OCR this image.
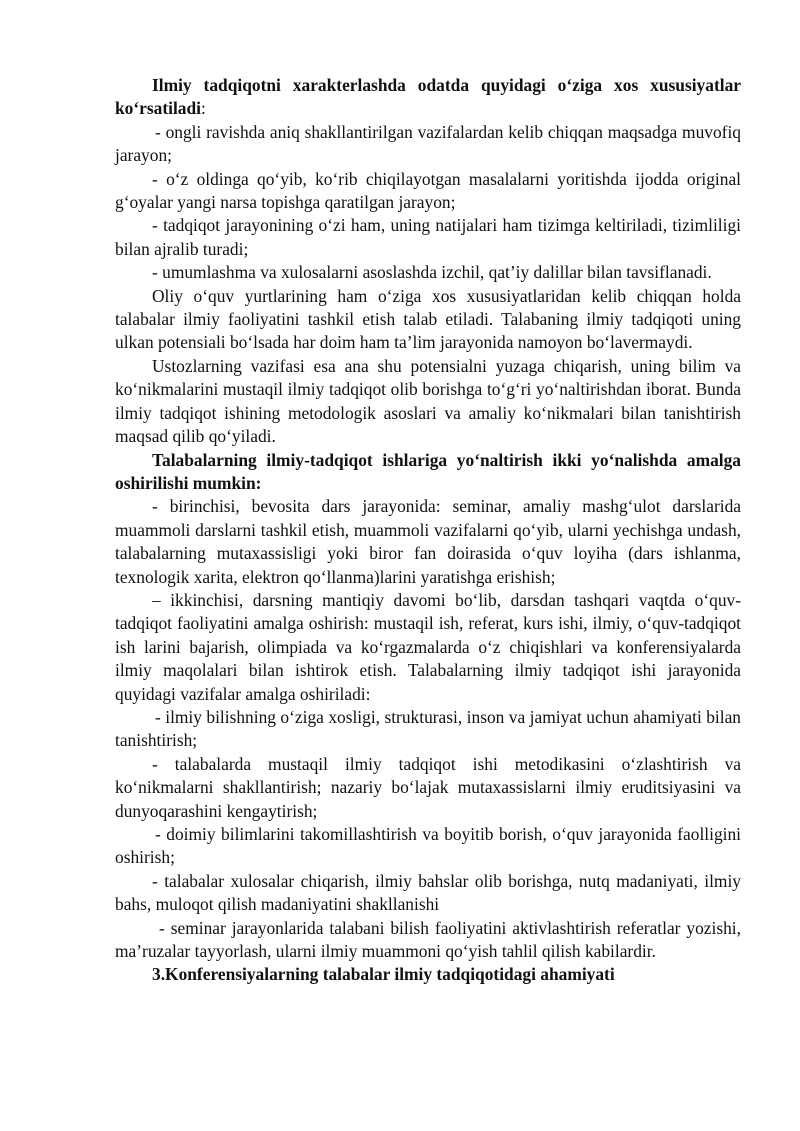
Ilmiy tadqiqotni xarakterlashda odatda quyidagi o‘ziga xos xususiyatlar ko‘rsatiladi:

- ongli ravishda aniq shakllantirilgan vazifalardan kelib chiqqan maqsadga muvofiq jarayon;

- o‘z oldinga qo‘yib, ko‘rib chiqilayotgan masalalarni yoritishda ijodda original g‘oyalar yangi narsa topishga qaratilgan jarayon;

- tadqiqot jarayonining o‘zi ham, uning natijalari ham tizimga keltiriladi, tizimliligi bilan ajralib turadi;

- umumlashma va xulosalarni asoslashda izchil, qat’iy dalillar bilan tavsiflanadi.

Oliy o‘quv yurtlarining ham o‘ziga xos xususiyatlaridan kelib chiqqan holda talabalar ilmiy faoliyatini tashkil etish talab etiladi. Talabaning ilmiy tadqiqoti uning ulkan potensiali bo‘lsada har doim ham ta’lim jarayonida namoyon bo‘lavermaydi.

Ustozlarning vazifasi esa ana shu potensialni yuzaga chiqarish, uning bilim va ko‘nikmalarini mustaqil ilmiy tadqiqot olib borishga to‘g‘ri yo‘naltirishdan iborat. Bunda ilmiy tadqiqot ishining metodologik asoslari va amaliy ko‘nikmalari bilan tanishtirish maqsad qilib qo‘yiladi.

Talabalarning ilmiy-tadqiqot ishlariga yo‘naltirish ikki yo‘nalishda amalga oshirilishi mumkin:

- birinchisi, bevosita dars jarayonida: seminar, amaliy mashg‘ulot darslarida muammoli darslarni tashkil etish, muammoli vazifalarni qo‘yib, ularni yechishga undash, talabalarning mutaxassisligi yoki biror fan doirasida o‘quv loyiha (dars ishlanma, texnologik xarita, elektron qo‘llanma)larini yaratishga erishish;

– ikkinchisi, darsning mantiqiy davomi bo‘lib, darsdan tashqari vaqtda o‘quv-tadqiqot faoliyatini amalga oshirish: mustaqil ish, referat, kurs ishi, ilmiy, o‘quv-tadqiqot ish larini bajarish, olimpiada va ko‘rgazmalarda o‘z chiqishlari va konferensiyalarda ilmiy maqolalari bilan ishtirok etish. Talabalarning ilmiy tadqiqot ishi jarayonida quyidagi vazifalar amalga oshiriladi:

- ilmiy bilishning o‘ziga xosligi, strukturasi, inson va jamiyat uchun ahamiyati bilan tanishtirish;

- talabalarda mustaqil ilmiy tadqiqot ishi metodikasini o‘zlashtirish va ko‘nikmalarni shakllantirish; nazariy bo‘lajak mutaxassislarni ilmiy eruditsiyasini va dunyoqarashini kengaytirish;

- doimiy bilimlarini takomillashtirish va boyitib borish, o‘quv jarayonida faolligini oshirish;

- talabalar xulosalar chiqarish, ilmiy bahslar olib borishga, nutq madaniyati, ilmiy bahs, muloqot qilish madaniyatini shakllanishi

- seminar jarayonlarida talabani bilish faoliyatini aktivlashtirish referatlar yozishi, ma’ruzalar tayyorlash, ularni ilmiy muammoni qo‘yish tahlil qilish kabilardir.

3.Konferensiyalarning talabalar ilmiy tadqiqotidagi ahamiyati
